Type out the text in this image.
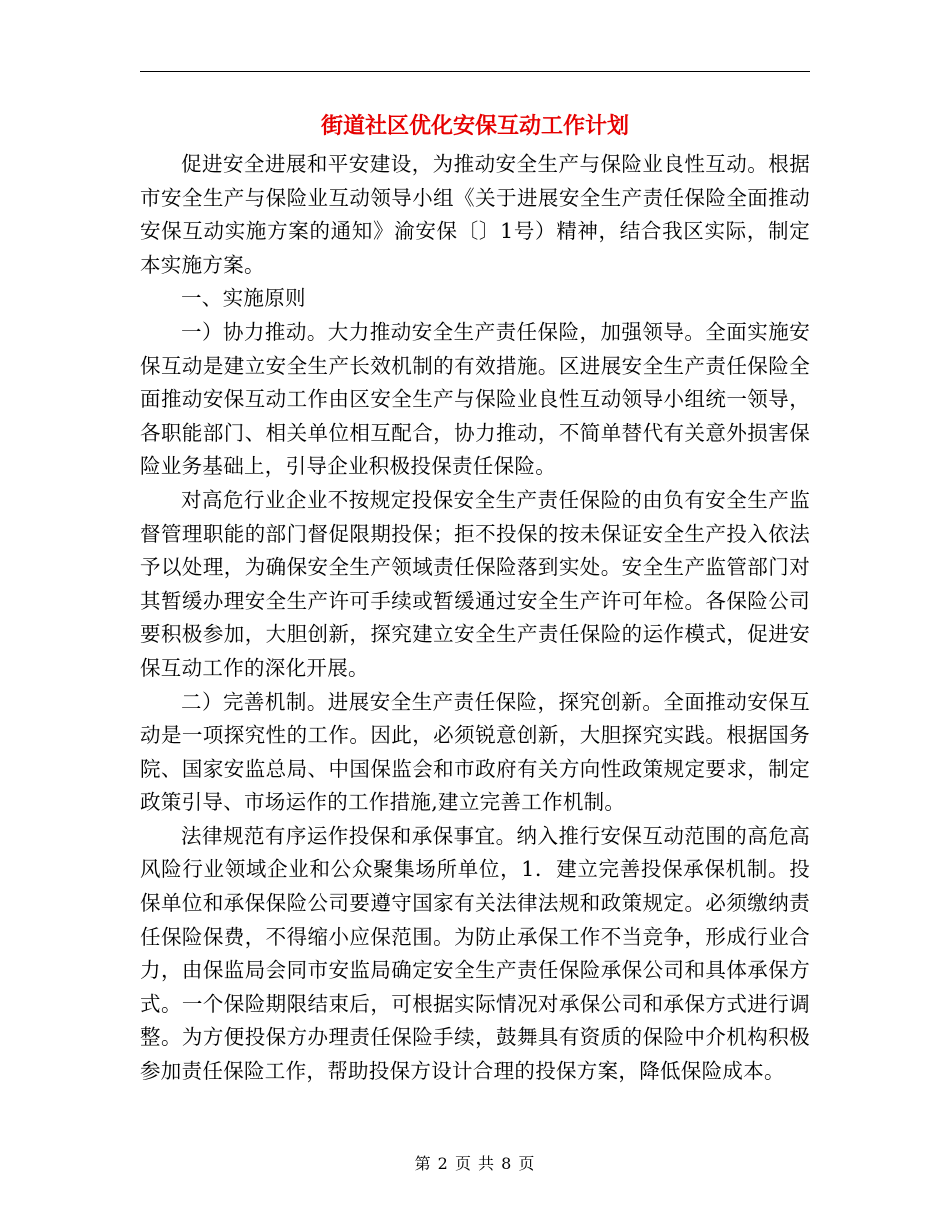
街道社区优化安保互动工作计划

促进安全进展和平安建设，为推动安全生产与保险业良性互动。根据市安全生产与保险业互动领导小组《关于进展安全生产责任保险全面推动安保互动实施方案的通知》渝安保〔〕1号）精神，结合我区实际，制定本实施方案。

一、实施原则

一）协力推动。大力推动安全生产责任保险，加强领导。全面实施安保互动是建立安全生产长效机制的有效措施。区进展安全生产责任保险全面推动安保互动工作由区安全生产与保险业良性互动领导小组统一领导，各职能部门、相关单位相互配合，协力推动，不简单替代有关意外损害保险业务基础上，引导企业积极投保责任保险。

对高危行业企业不按规定投保安全生产责任保险的由负有安全生产监督管理职能的部门督促限期投保；拒不投保的按未保证安全生产投入依法予以处理，为确保安全生产领域责任保险落到实处。安全生产监管部门对其暂缓办理安全生产许可手续或暂缓通过安全生产许可年检。各保险公司要积极参加，大胆创新，探究建立安全生产责任保险的运作模式，促进安保互动工作的深化开展。

二）完善机制。进展安全生产责任保险，探究创新。全面推动安保互动是一项探究性的工作。因此，必须锐意创新，大胆探究实践。根据国务院、国家安监总局、中国保监会和市政府有关方向性政策规定要求，制定政策引导、市场运作的工作措施,建立完善工作机制。

法律规范有序运作投保和承保事宜。纳入推行安保互动范围的高危高风险行业领域企业和公众聚集场所单位，1．建立完善投保承保机制。投保单位和承保保险公司要遵守国家有关法律法规和政策规定。必须缴纳责任保险保费，不得缩小应保范围。为防止承保工作不当竞争，形成行业合力，由保监局会同市安监局确定安全生产责任保险承保公司和具体承保方式。一个保险期限结束后，可根据实际情况对承保公司和承保方式进行调整。为方便投保方办理责任保险手续，鼓舞具有资质的保险中介机构积极参加责任保险工作，帮助投保方设计合理的投保方案，降低保险成本。

第 2 页 共 8 页
